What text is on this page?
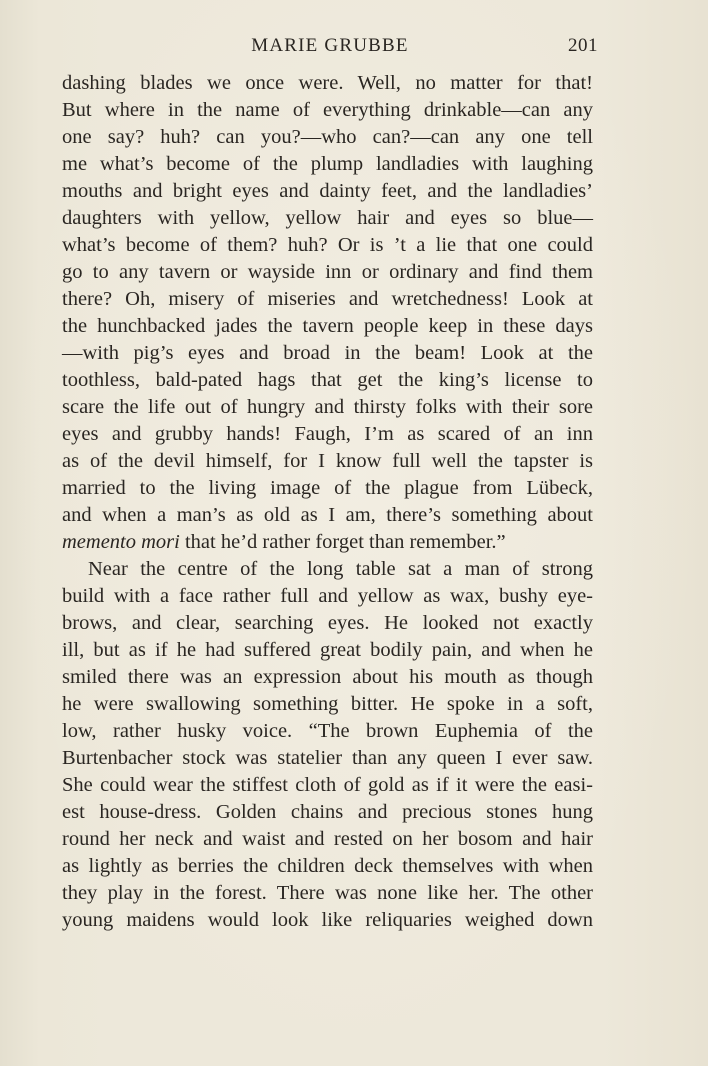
MARIE GRUBBE	201
dashing blades we once were. Well, no matter for that!
But where in the name of everything drinkable—can any
one say? huh? can you?—who can?—can any one tell
me what’s become of the plump landladies with laughing
mouths and bright eyes and dainty feet, and the landladies’
daughters with yellow, yellow hair and eyes so blue—
what’s become of them? huh? Or is ’t a lie that one could
go to any tavern or wayside inn or ordinary and find them
there? Oh, misery of miseries and wretchedness! Look at
the hunchbacked jades the tavern people keep in these days
—with pig’s eyes and broad in the beam! Look at the
toothless, bald-pated hags that get the king’s license to
scare the life out of hungry and thirsty folks with their sore
eyes and grubby hands! Faugh, I’m as scared of an inn
as of the devil himself, for I know full well the tapster is
married to the living image of the plague from Lübeck,
and when a man’s as old as I am, there’s something about
memento mori that he’d rather forget than remember.”
Near the centre of the long table sat a man of strong
build with a face rather full and yellow as wax, bushy eye-
brows, and clear, searching eyes. He looked not exactly
ill, but as if he had suffered great bodily pain, and when he
smiled there was an expression about his mouth as though
he were swallowing something bitter. He spoke in a soft,
low, rather husky voice. “The brown Euphemia of the
Burtenbacher stock was statelier than any queen I ever saw.
She could wear the stiffest cloth of gold as if it were the easi-
est house-dress. Golden chains and precious stones hung
round her neck and waist and rested on her bosom and hair
as lightly as berries the children deck themselves with when
they play in the forest. There was none like her. The other
young maidens would look like reliquaries weighed down
